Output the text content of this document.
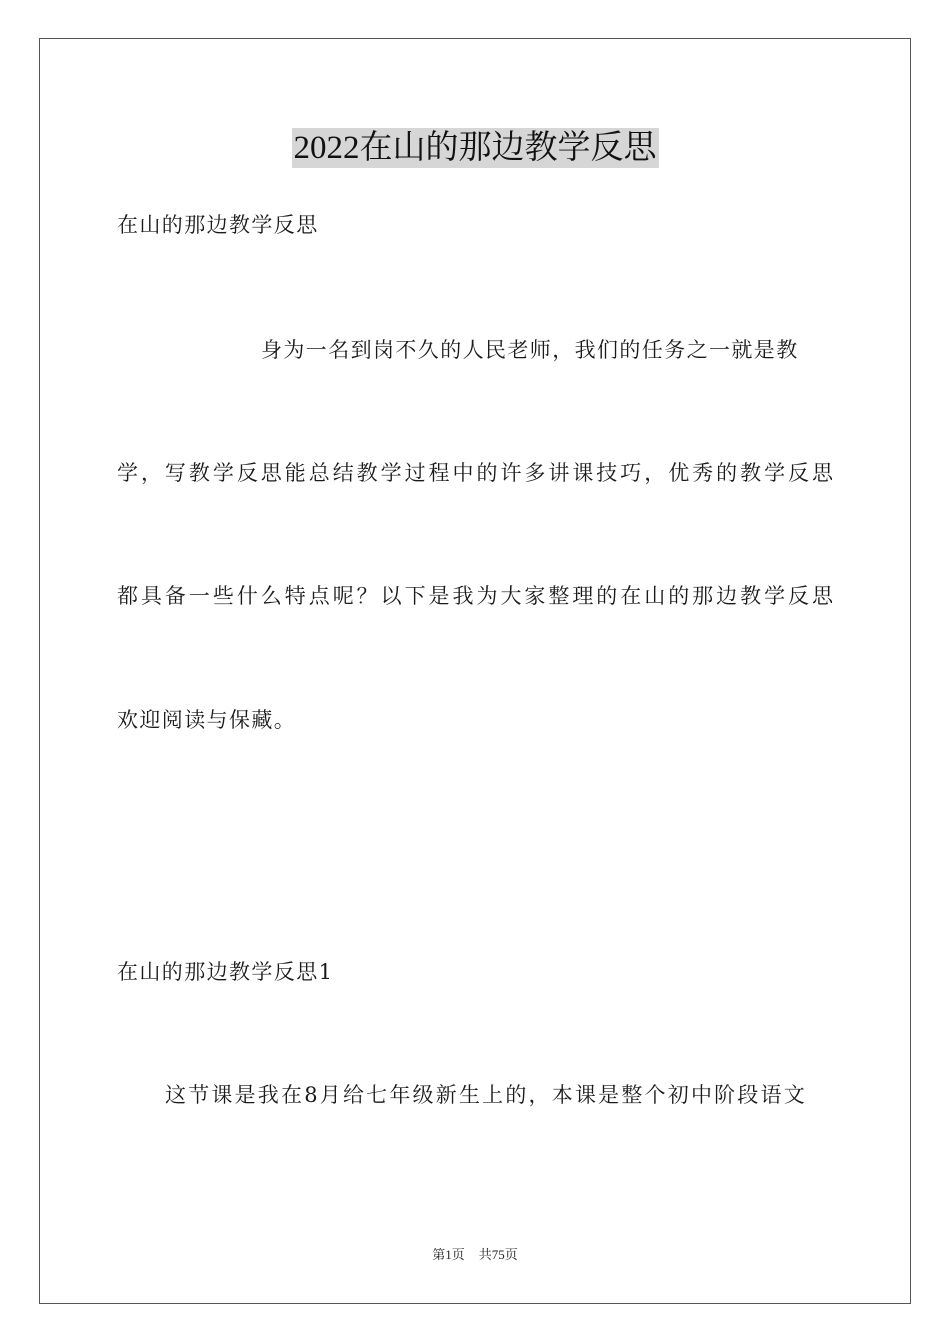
2022在山的那边教学反思
在山的那边教学反思
身为一名到岗不久的人民老师，我们的任务之一就是教
学，写教学反思能总结教学过程中的许多讲课技巧，优秀的教学反思
都具备一些什么特点呢？以下是我为大家整理的在山的那边教学反思
欢迎阅读与保藏。
在山的那边教学反思1
这节课是我在8月给七年级新生上的，本课是整个初中阶段语文
第1页 共75页
